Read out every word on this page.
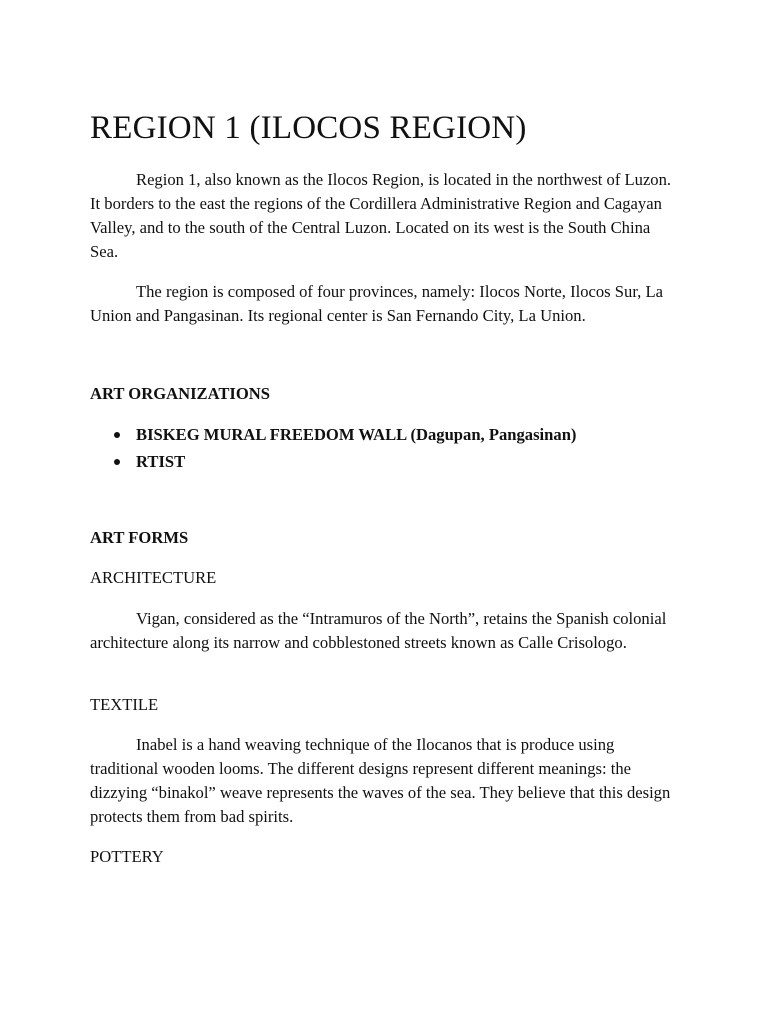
REGION 1 (ILOCOS REGION)

Region 1, also known as the Ilocos Region, is located in the northwest of Luzon. It borders to the east the regions of the Cordillera Administrative Region and Cagayan Valley, and to the south of the Central Luzon. Located on its west is the South China Sea.

The region is composed of four provinces, namely: Ilocos Norte, Ilocos Sur, La Union and Pangasinan. Its regional center is San Fernando City, La Union.

ART ORGANIZATIONS
BISKEG MURAL FREEDOM WALL (Dagupan, Pangasinan)
RTIST
ART FORMS
ARCHITECTURE

Vigan, considered as the “Intramuros of the North”, retains the Spanish colonial architecture along its narrow and cobblestoned streets known as Calle Crisologo.

TEXTILE

Inabel is a hand weaving technique of the Ilocanos that is produce using traditional wooden looms. The different designs represent different meanings: the dizzying “binakol” weave represents the waves of the sea. They believe that this design protects them from bad spirits.

POTTERY
